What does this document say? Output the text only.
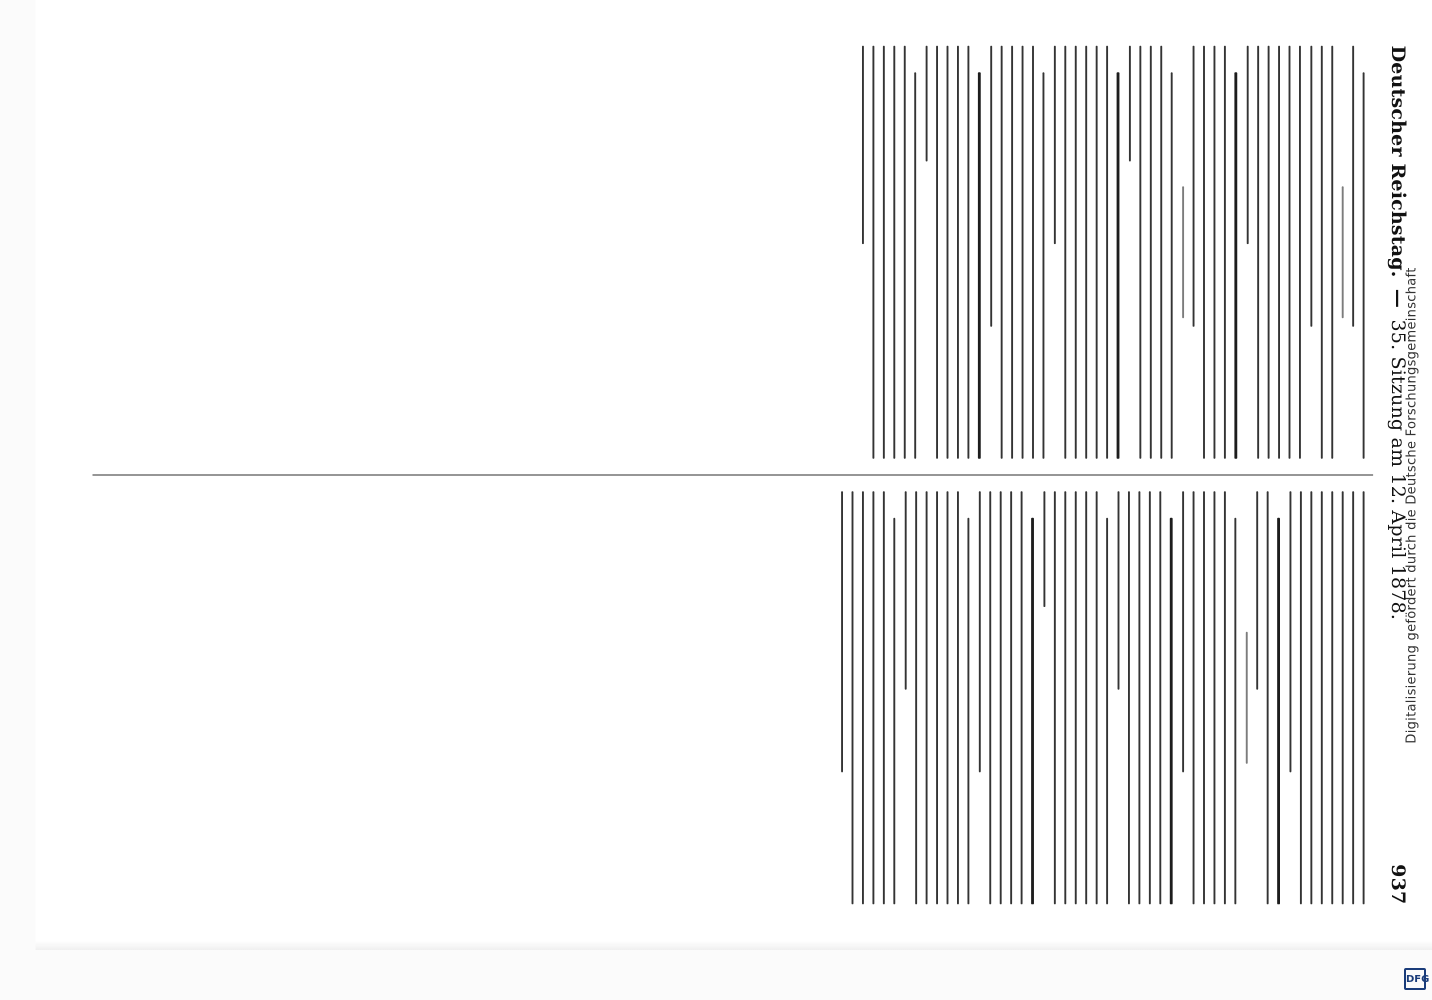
Deutscher Reichstag.
—
35. Sitzung am 12. April 1878.
937
Digitalisierung gefördert durch die Deutsche Forschungsgemeinschaft
DFG
